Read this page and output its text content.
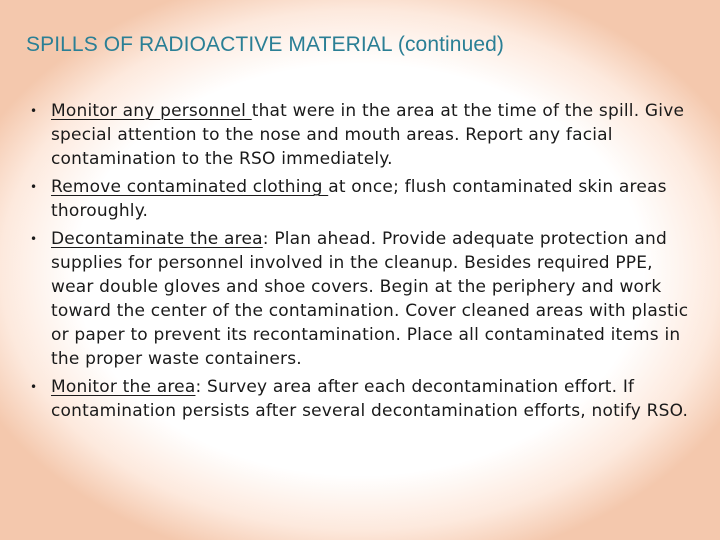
SPILLS OF RADIOACTIVE MATERIAL (continued)
• Monitor any personnel that were in the area at the time of the spill. Give special attention to the nose and mouth areas. Report any facial contamination to the RSO immediately.
• Remove contaminated clothing at once; flush contaminated skin areas thoroughly.
• Decontaminate the area: Plan ahead. Provide adequate protection and supplies for personnel involved in the cleanup. Besides required PPE, wear double gloves and shoe covers. Begin at the periphery and work toward the center of the contamination. Cover cleaned areas with plastic or paper to prevent its recontamination. Place all contaminated items in the proper waste containers.
• Monitor the area: Survey area after each decontamination effort. If contamination persists after several decontamination efforts, notify RSO.
